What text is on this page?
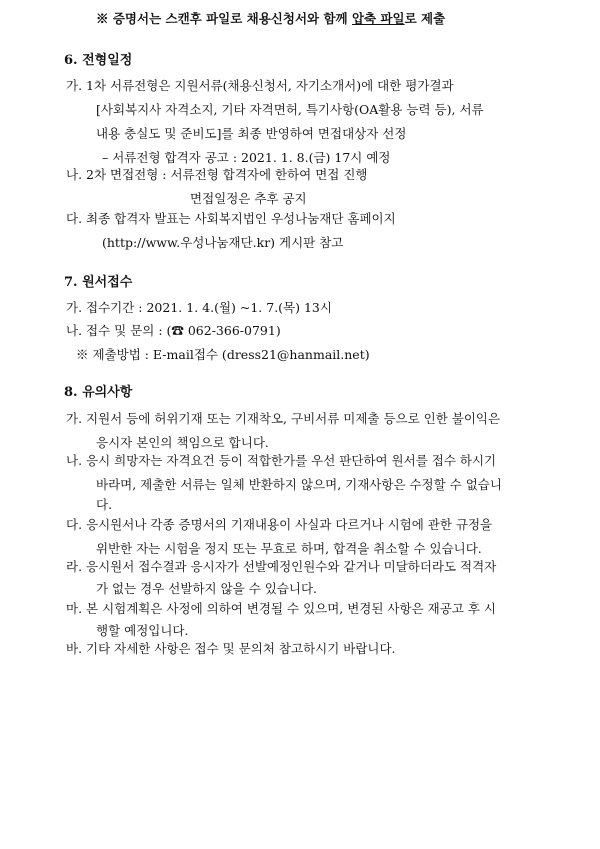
※ 증명서는 스캔후 파일로 채용신청서와 함께 압축 파일로 제출
6. 전형일정
가. 1차 서류전형은 지원서류(채용신청서, 자기소개서)에 대한 평가결과
[사회복지사 자격소지, 기타 자격면허, 특기사항(OA활용 능력 등), 서류
내용 충실도 및 준비도]를 최종 반영하여 면접대상자 선정
– 서류전형 합격자 공고 : 2021. 1. 8.(금) 17시 예정
나. 2차 면접전형 : 서류전형 합격자에 한하여 면접 진행
면접일정은 추후 공지
다. 최종 합격자 발표는 사회복지법인 우성나눔재단 홈페이지
(http://www.우성나눔재단.kr) 게시판 참고
7. 원서접수
가. 접수기간 : 2021. 1. 4.(월) ~1. 7.(목) 13시
나. 접수 및 문의 : (☎ 062-366-0791)
※ 제출방법 : E-mail접수 (dress21@hanmail.net)
8. 유의사항
가. 지원서 등에 허위기재 또는 기재착오, 구비서류 미제출 등으로 인한 불이익은
응시자 본인의 책임으로 합니다.
나. 응시 희망자는 자격요건 등이 적합한가를 우선 판단하여 원서를 접수 하시기
바라며, 제출한 서류는 일체 반환하지 않으며, 기재사항은 수정할 수 없습니
다.
다. 응시원서나 각종 증명서의 기재내용이 사실과 다르거나 시험에 관한 규정을
위반한 자는 시험을 정지 또는 무효로 하며, 합격을 취소할 수 있습니다.
라. 응시원서 접수결과 응시자가 선발예정인원수와 같거나 미달하더라도 적격자
가 없는 경우 선발하지 않을 수 있습니다.
마. 본 시험계획은 사정에 의하여 변경될 수 있으며, 변경된 사항은 재공고 후 시
행할 예정입니다.
바. 기타 자세한 사항은 접수 및 문의처 참고하시기 바랍니다.
